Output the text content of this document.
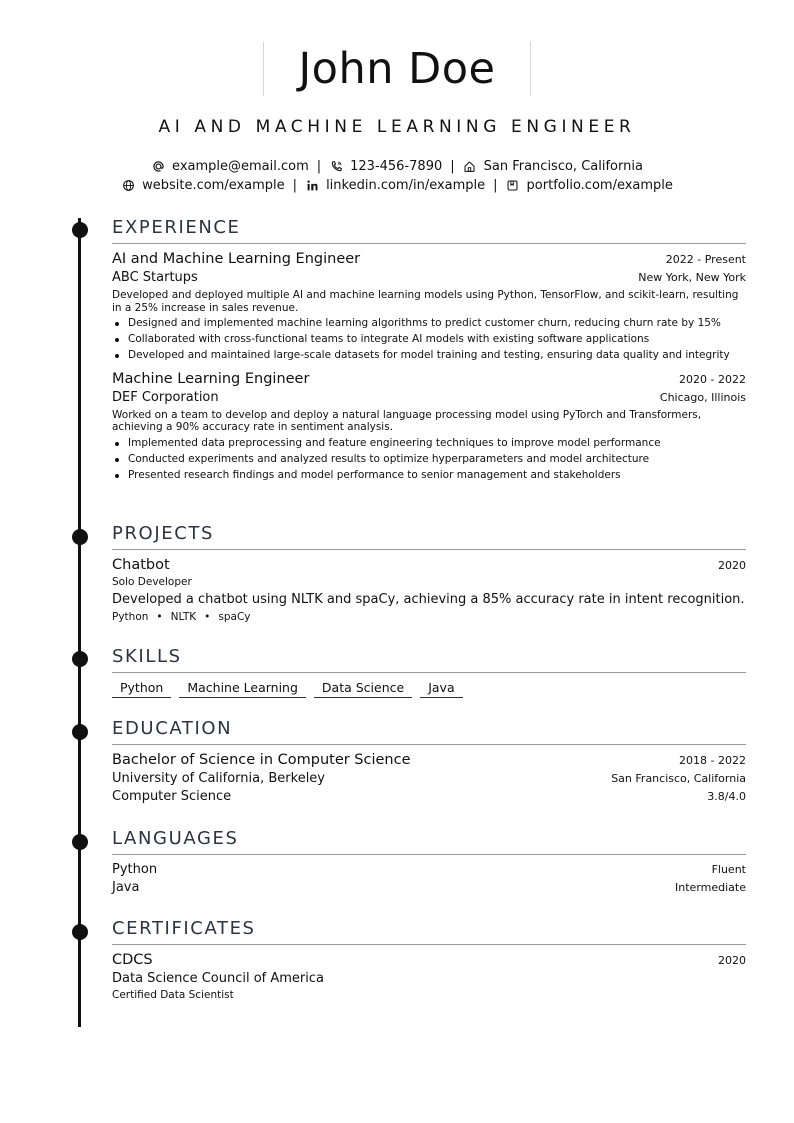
John Doe
AI AND MACHINE LEARNING ENGINEER
example@email.com | 123-456-7890 | San Francisco, California
website.com/example | linkedin.com/in/example | portfolio.com/example
EXPERIENCE
AI and Machine Learning Engineer	2022 - Present
ABC Startups	New York, New York
Developed and deployed multiple AI and machine learning models using Python, TensorFlow, and scikit-learn, resulting in a 25% increase in sales revenue.
Designed and implemented machine learning algorithms to predict customer churn, reducing churn rate by 15%
Collaborated with cross-functional teams to integrate AI models with existing software applications
Developed and maintained large-scale datasets for model training and testing, ensuring data quality and integrity
Machine Learning Engineer	2020 - 2022
DEF Corporation	Chicago, Illinois
Worked on a team to develop and deploy a natural language processing model using PyTorch and Transformers, achieving a 90% accuracy rate in sentiment analysis.
Implemented data preprocessing and feature engineering techniques to improve model performance
Conducted experiments and analyzed results to optimize hyperparameters and model architecture
Presented research findings and model performance to senior management and stakeholders
PROJECTS
Chatbot	2020
Solo Developer
Developed a chatbot using NLTK and spaCy, achieving a 85% accuracy rate in intent recognition.
Python • NLTK • spaCy
SKILLS
Python	Machine Learning	Data Science	Java
EDUCATION
Bachelor of Science in Computer Science	2018 - 2022
University of California, Berkeley	San Francisco, California
Computer Science	3.8/4.0
LANGUAGES
Python	Fluent
Java	Intermediate
CERTIFICATES
CDCS	2020
Data Science Council of America
Certified Data Scientist
